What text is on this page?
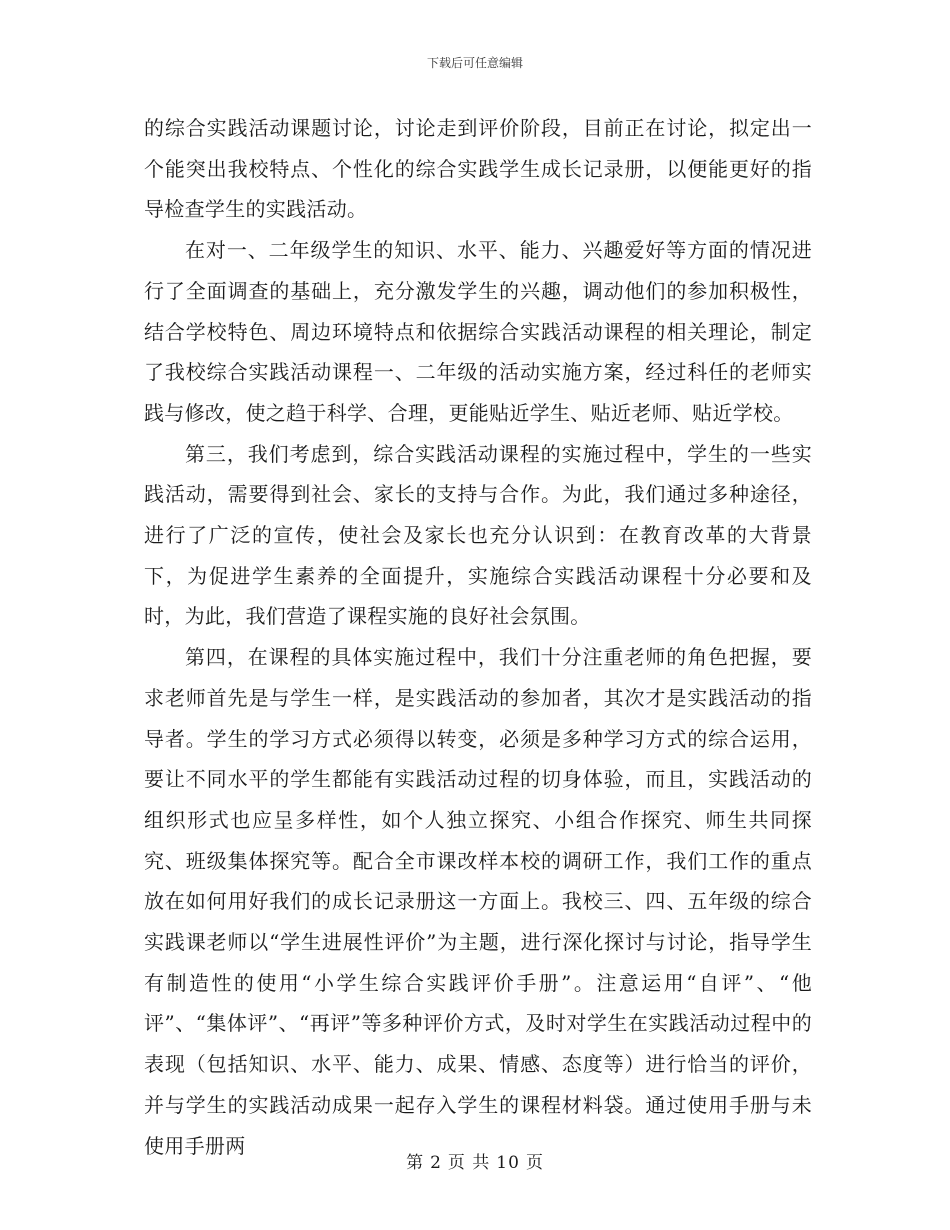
下载后可任意编辑

的综合实践活动课题讨论，讨论走到评价阶段，目前正在讨论，拟定出一个能突出我校特点、个性化的综合实践学生成长记录册，以便能更好的指导检查学生的实践活动。

在对一、二年级学生的知识、水平、能力、兴趣爱好等方面的情况进行了全面调查的基础上，充分激发学生的兴趣，调动他们的参加积极性，结合学校特色、周边环境特点和依据综合实践活动课程的相关理论，制定了我校综合实践活动课程一、二年级的活动实施方案，经过科任的老师实践与修改，使之趋于科学、合理，更能贴近学生、贴近老师、贴近学校。

第三，我们考虑到，综合实践活动课程的实施过程中，学生的一些实践活动，需要得到社会、家长的支持与合作。为此，我们通过多种途径，进行了广泛的宣传，使社会及家长也充分认识到：在教育改革的大背景下，为促进学生素养的全面提升，实施综合实践活动课程十分必要和及时，为此，我们营造了课程实施的良好社会氛围。

第四，在课程的具体实施过程中，我们十分注重老师的角色把握，要求老师首先是与学生一样，是实践活动的参加者，其次才是实践活动的指导者。学生的学习方式必须得以转变，必须是多种学习方式的综合运用，要让不同水平的学生都能有实践活动过程的切身体验，而且，实践活动的组织形式也应呈多样性，如个人独立探究、小组合作探究、师生共同探究、班级集体探究等。配合全市课改样本校的调研工作，我们工作的重点放在如何用好我们的成长记录册这一方面上。我校三、四、五年级的综合实践课老师以“学生进展性评价”为主题，进行深化探讨与讨论，指导学生有制造性的使用“小学生综合实践评价手册”。注意运用“自评”、“他评”、“集体评”、“再评”等多种评价方式，及时对学生在实践活动过程中的表现（包括知识、水平、能力、成果、情感、态度等）进行恰当的评价，并与学生的实践活动成果一起存入学生的课程材料袋。通过使用手册与未使用手册两

第 2 页 共 10 页
